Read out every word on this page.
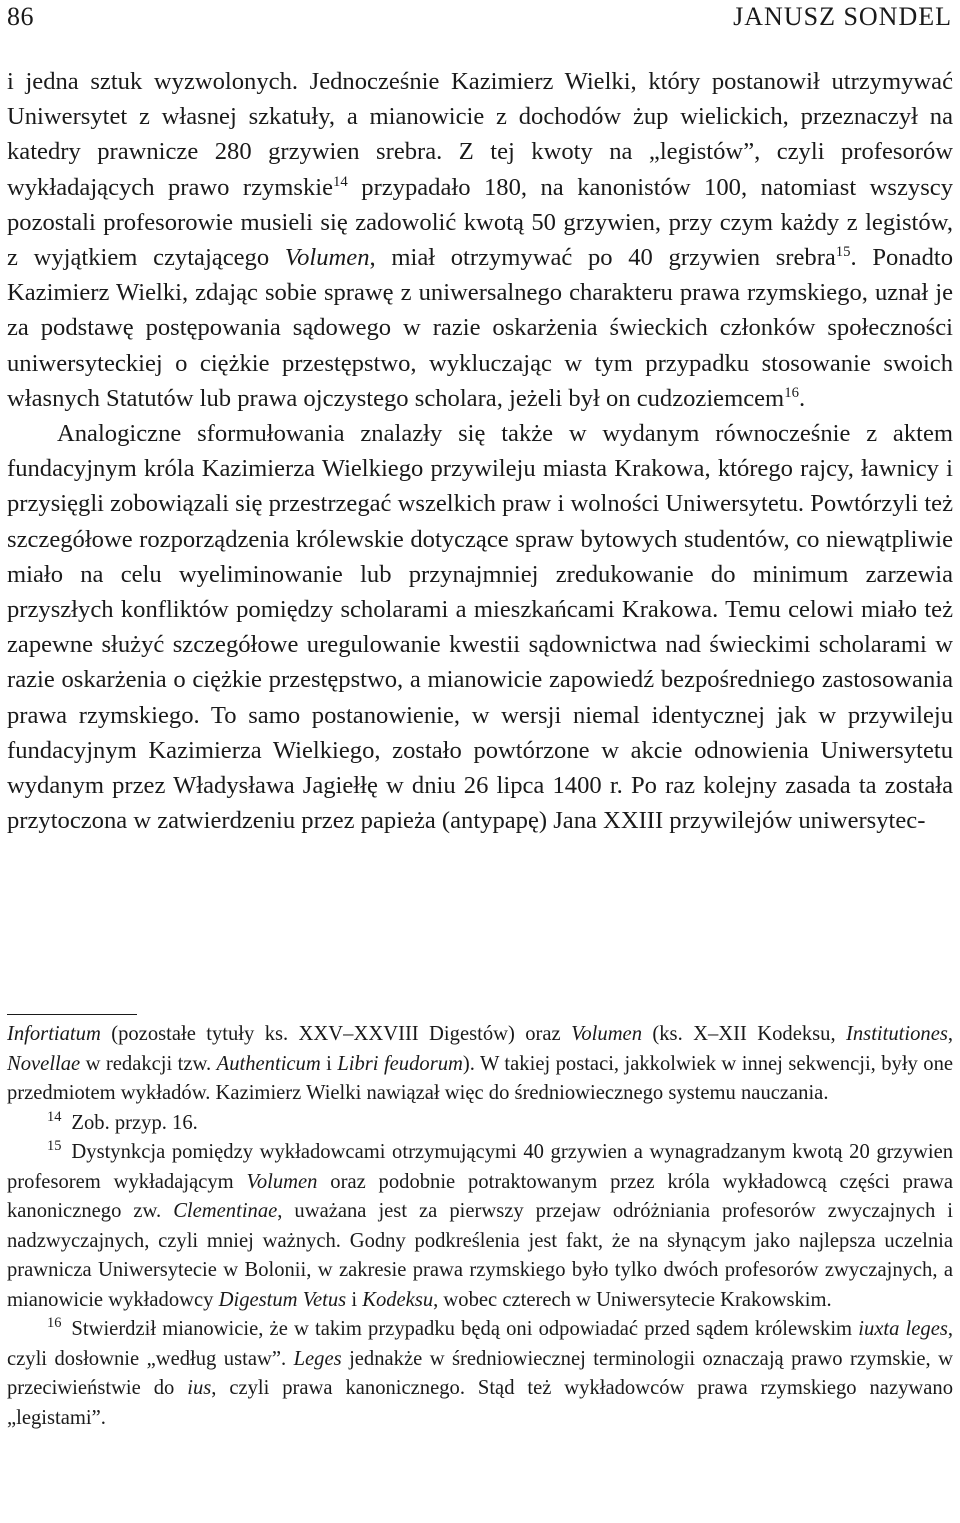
86	JANUSZ SONDEL

i jedna sztuk wyzwolonych. Jednocześnie Kazimierz Wielki, który postanowił utrzymywać Uniwersytet z własnej szkatuły, a mianowicie z dochodów żup wielickich, przeznaczył na katedry prawnicze 280 grzywien srebra. Z tej kwoty na „legistów”, czyli profesorów wykładających prawo rzymskie$^{14}$ przypadało 180, na kanonistów 100, natomiast wszyscy pozostali profesorowie musieli się zadowolić kwotą 50 grzywien, przy czym każdy z legistów, z wyjątkiem czytającego Volumen, miał otrzymywać po 40 grzywien srebra$^{15}$. Ponadto Kazimierz Wielki, zdając sobie sprawę z uniwersalnego charakteru prawa rzymskiego, uznał je za podstawę postępowania sądowego w razie oskarżenia świeckich członków społeczności uniwersyteckiej o ciężkie przestępstwo, wykluczając w tym przypadku stosowanie swoich własnych Statutów lub prawa ojczystego scholara, jeżeli był on cudzoziemcem$^{16}$.

Analogiczne sformułowania znalazły się także w wydanym równocześnie z aktem fundacyjnym króla Kazimierza Wielkiego przywileju miasta Krakowa, którego rajcy, ławnicy i przysięgli zobowiązali się przestrzegać wszelkich praw i wolności Uniwersytetu. Powtórzyli też szczegółowe rozporządzenia królewskie dotyczące spraw bytowych studentów, co niewątpliwie miało na celu wyeliminowanie lub przynajmniej zredukowanie do minimum zarzewia przyszłych konfliktów pomiędzy scholarami a mieszkańcami Krakowa. Temu celowi miało też zapewne służyć szczegółowe uregulowanie kwestii sądownictwa nad świeckimi scholarami w razie oskarżenia o ciężkie przestępstwo, a mianowicie zapowiedź bezpośredniego zastosowania prawa rzymskiego. To samo postanowienie, w wersji niemal identycznej jak w przywileju fundacyjnym Kazimierza Wielkiego, zostało powtórzone w akcie odnowienia Uniwersytetu wydanym przez Władysława Jagiełłę w dniu 26 lipca 1400 r. Po raz kolejny zasada ta została przytoczona w zatwierdzeniu przez papieża (antypapę) Jana XXIII przywilejów uniwersytec-

Infortiatum (pozostałe tytuły ks. XXV–XXVIII Digestów) oraz Volumen (ks. X–XII Kodeksu, Institutiones, Novellae w redakcji tzw. Authenticum i Libri feudorum). W takiej postaci, jakkolwiek w innej sekwencji, były one przedmiotem wykładów. Kazimierz Wielki nawiązał więc do średniowiecznego systemu nauczania.

$^{14}$ Zob. przyp. 16.

$^{15}$ Dystynkcja pomiędzy wykładowcami otrzymującymi 40 grzywien a wynagradzanym kwotą 20 grzywien profesorem wykładającym Volumen oraz podobnie potraktowanym przez króla wykładowcą części prawa kanonicznego zw. Clementinae, uważana jest za pierwszy przejaw odróżniania profesorów zwyczajnych i nadzwyczajnych, czyli mniej ważnych. Godny podkreślenia jest fakt, że na słynącym jako najlepsza uczelnia prawnicza Uniwersytecie w Bolonii, w zakresie prawa rzymskiego było tylko dwóch profesorów zwyczajnych, a mianowicie wykładowcy Digestum Vetus i Kodeksu, wobec czterech w Uniwersytecie Krakowskim.

$^{16}$ Stwierdził mianowicie, że w takim przypadku będą oni odpowiadać przed sądem królewskim iuxta leges, czyli dosłownie „według ustaw”. Leges jednakże w średniowiecznej terminologii oznaczają prawo rzymskie, w przeciwieństwie do ius, czyli prawa kanonicznego. Stąd też wykładowców prawa rzymskiego nazywano „legistami”.
